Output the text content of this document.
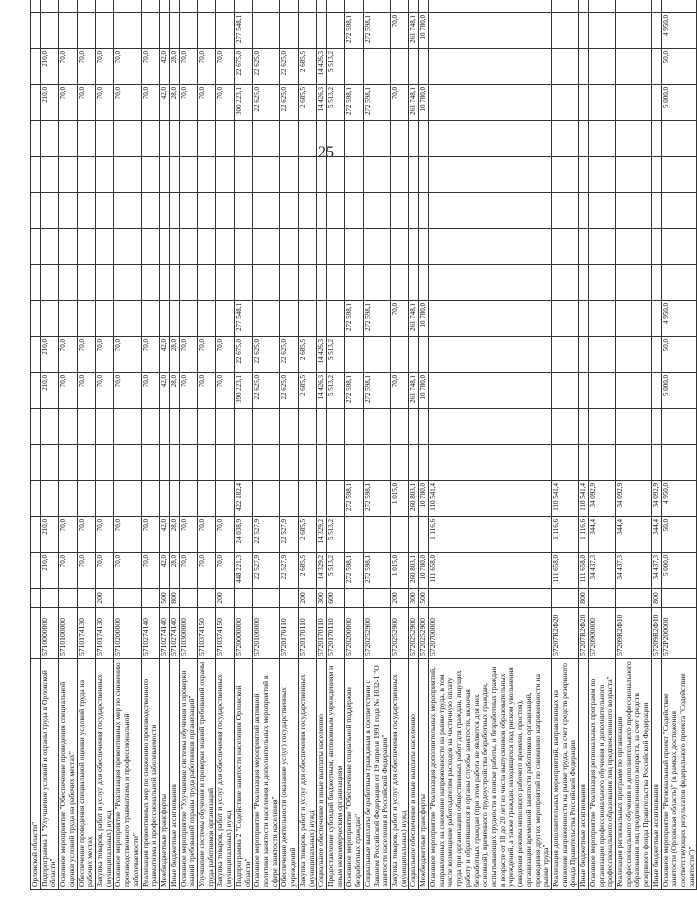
25
Орловской области"																				
Подпрограмма 1 "Улучшение условий и охраны труда в Орловской области"	5710000000		210,0	210,0				210,0	210,0							210,0	210,0			
Основное мероприятие "Обеспечение проведения специальной оценки условий труда на рабочих местах"	5710100000		70,0	70,0				70,0	70,0							70,0	70,0			
Обеспечение проведения специальной оценки условий труда на рабочих местах	5710174130		70,0	70,0				70,0	70,0							70,0	70,0			
Закупка товаров, работ и услуг для обеспечения государственных (муниципальных) нужд	5710174130	200	70,0	70,0				70,0	70,0							70,0	70,0			
Основное мероприятие "Реализация превентивных мер по снижению производственного травматизма и профессиональной заболеваемости"	5710200000		70,0	70,0				70,0	70,0							70,0	70,0			
Реализация превентивных мер по снижению производственного травматизма и профессиональной заболеваемости	5710274140		70,0	70,0				70,0	70,0							70,0	70,0			
Межбюджетные трансферты	5710274140	500	42,0	42,0				42,0	42,0							42,0	42,0			
Иные бюджетные ассигнования	5710274140	800	28,0	28,0				28,0	28,0							28,0	28,0			
Основное мероприятие "Улучшение системы обучения и проверки знаний требований охраны труда работников организаций"	5710300000		70,0	70,0				70,0	70,0							70,0	70,0			
Улучшение системы обучения и проверки знаний требований охраны труда работников организаций	5710374150		70,0	70,0				70,0	70,0							70,0	70,0			
Закупка товаров, работ и услуг для обеспечения государственных (муниципальных) нужд	5710374150	200	70,0	70,0				70,0	70,0							70,0	70,0			
Подпрограмма 2 "Содействие занятости населения Орловской области"	5720000000		448 221,3	24 038,9	422 182,4			390 223,1	22 675,0	277 548,1						300 223,1	22 675,0	277 548,1		
Основное мероприятие "Реализация мероприятий активной политики занятости населения и дополнительных мероприятий в сфере занятости населения"	5720100000		22 527,9	22 527,9				22 625,0	22 625,0							22 625,0	22 625,0			
Обеспечение деятельности (оказание услуг) государственных учреждений	5720170110		22 527,9	22 527,9				22 625,0	22 625,0							22 625,0	22 625,0			
Закупка товаров, работ и услуг для обеспечения государственных (муниципальных) нужд	5720170110	200	2 685,5	2 685,5				2 685,5	2 685,5							2 685,5	2 685,5			
Социальное обеспечение и иные выплаты населению	5720170110	300	14 329,2	14 329,2				14 426,3	14 426,3							14 426,3	14 426,3			
Предоставление субсидий бюджетным, автономным учреждениям и иным некоммерческим организациям	5720170110	600	5 513,2	5 513,2				5 513,2	5 513,2							5 513,2	5 513,2			
Основное мероприятие "Обеспечение социальной поддержки безработных граждан"	5720200000		272 598,1		272 598,1			272 598,1		272 598,1						272 598,1		272 598,1		
Социальные выплаты безработным гражданам в соответствии с Законом Российской Федерации от 19 апреля 1991 года № 1032-1 "О занятости населения в Российской Федерации"	5720252900		272 598,1		272 598,1			272 598,1		272 598,1						272 598,1		272 598,1		
Закупка товаров, работ и услуг для обеспечения государственных (муниципальных) нужд	5720252900	200	1 015,0		1 015,0			70,0		70,0						70,0		70,0		
Социальное обеспечение и иные выплаты населению	5720252900	300	260 803,1		260 803,1			261 748,1		261 748,1						261 748,1		261 748,1		
Межбюджетные трансферты	5720252900	500	10 780,0		10 780,0			10 780,0		10 780,0						10 780,0		10 780,0		
Основное мероприятие "Реализация дополнительных мероприятий, направленных на снижение напряженности на рынке труда, в том числе возмещение работодателям расходов на частичную оплату труда при организации общественных работ для граждан, ищущих работу и обратившихся в органы службы занятости, включая безработных граждан (при этом работа не является для них основной), временного трудоустройства безработных граждан, испытывающих трудности в поиске работы, и безработных граждан в возрасте от 18 до 20 лет из числа выпускников образовательных учреждений, а также граждан, находящихся под риском увольнения (введения режима неполного рабочего времени, простоя), организации временной занятости работников организаций, проведения других мероприятий по снижению напряженности на рынке труда"	5720700000		111 658,0	1 116,6	110 541,4															
Реализация дополнительных мероприятий, направленных на снижение напряженности на рынке труда, за счет средств резервного фонда Правительства Российской Федерации	57207R2Ф20		111 658,0	1 116,6	110 541,4															
Иные бюджетные ассигнования	57207R2Ф20	800	111 658,0	1 116,6	110 541,4															
Основное мероприятие "Реализация региональных программ по организации профессионального обучения и дополнительного профессионального образования лиц предпенсионного возраста"	5720900000		34 437,3	344,4	34 092,9															
Реализация региональных программ по организации профессионального обучения и дополнительного профессионального образования лиц предпенсионного возраста, за счет средств резервного фонда Правительства Российской Федерации	57209R2Ф10		34 437,3	344,4	34 092,9															
Иные бюджетные ассигнования	57209R2Ф10	800	34 437,3	344,4	34 092,9															
Основное мероприятие "Региональный проект "Содействие занятости (Орловская область)" (в рамках достижения соответствующих результатов федерального проекта "Содействие занятости")"	572P200000		5 000,0	50,0	4 950,0			5 000,0	50,0	4 950,0						5 000,0	50,0	4 950,0		
